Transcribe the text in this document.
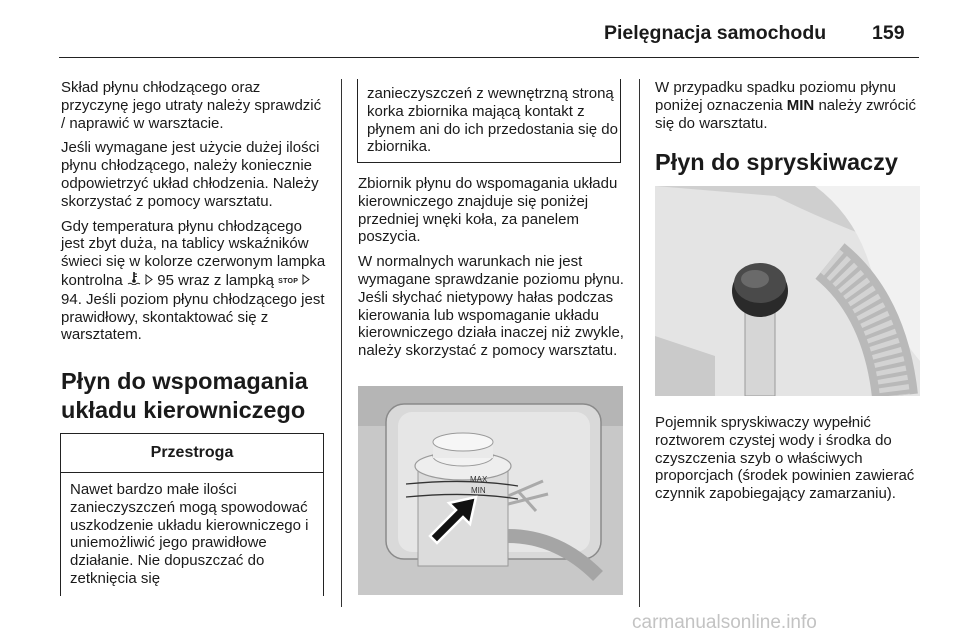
Pielęgnacja samochodu 159

Skład płynu chłodzącego oraz przyczynę jego utraty należy sprawdzić / naprawić w warsztacie.

Jeśli wymagane jest użycie dużej ilości płynu chłodzącego, należy koniecznie odpowietrzyć układ chłodzenia. Należy skorzystać z pomocy warsztatu.

Gdy temperatura płynu chłodzącego jest zbyt duża, na tablicy wskaźników świeci się w kolorze czerwonym lampka kontrolna 95 wraz z lampką STOP  94. Jeśli poziom płynu chłodzącego jest prawidłowy, skontaktować się z warsztatem.

Płyn do wspomagania
układu kierowniczego
Przestroga
Nawet bardzo małe ilości zanieczyszczeń mogą spowodować uszkodzenie układu kierowniczego i uniemożliwić jego prawidłowe działanie. Nie dopuszczać do zetknięcia się
zanieczyszczeń z wewnętrzną stroną korka zbiornika mającą kontakt z płynem ani do ich przedostania się do zbiornika.

Zbiornik płynu do wspomagania układu kierowniczego znajduje się poniżej przedniej wnęki koła, za panelem poszycia.

W normalnych warunkach nie jest wymagane sprawdzanie poziomu płynu. Jeśli słychać nietypowy hałas podczas kierowania lub wspomaganie układu kierowniczego działa inaczej niż zwykle, należy skorzystać z pomocy warsztatu.

MAX
MIN

W przypadku spadku poziomu płynu poniżej oznaczenia MIN należy zwrócić się do warsztatu.

Płyn do spryskiwaczy
Pojemnik spryskiwaczy wypełnić roztworem czystej wody i środka do czyszczenia szyb o właściwych proporcjach (środek powinien zawierać czynnik zapobiegający zamarzaniu).
carmanualsonline.info
